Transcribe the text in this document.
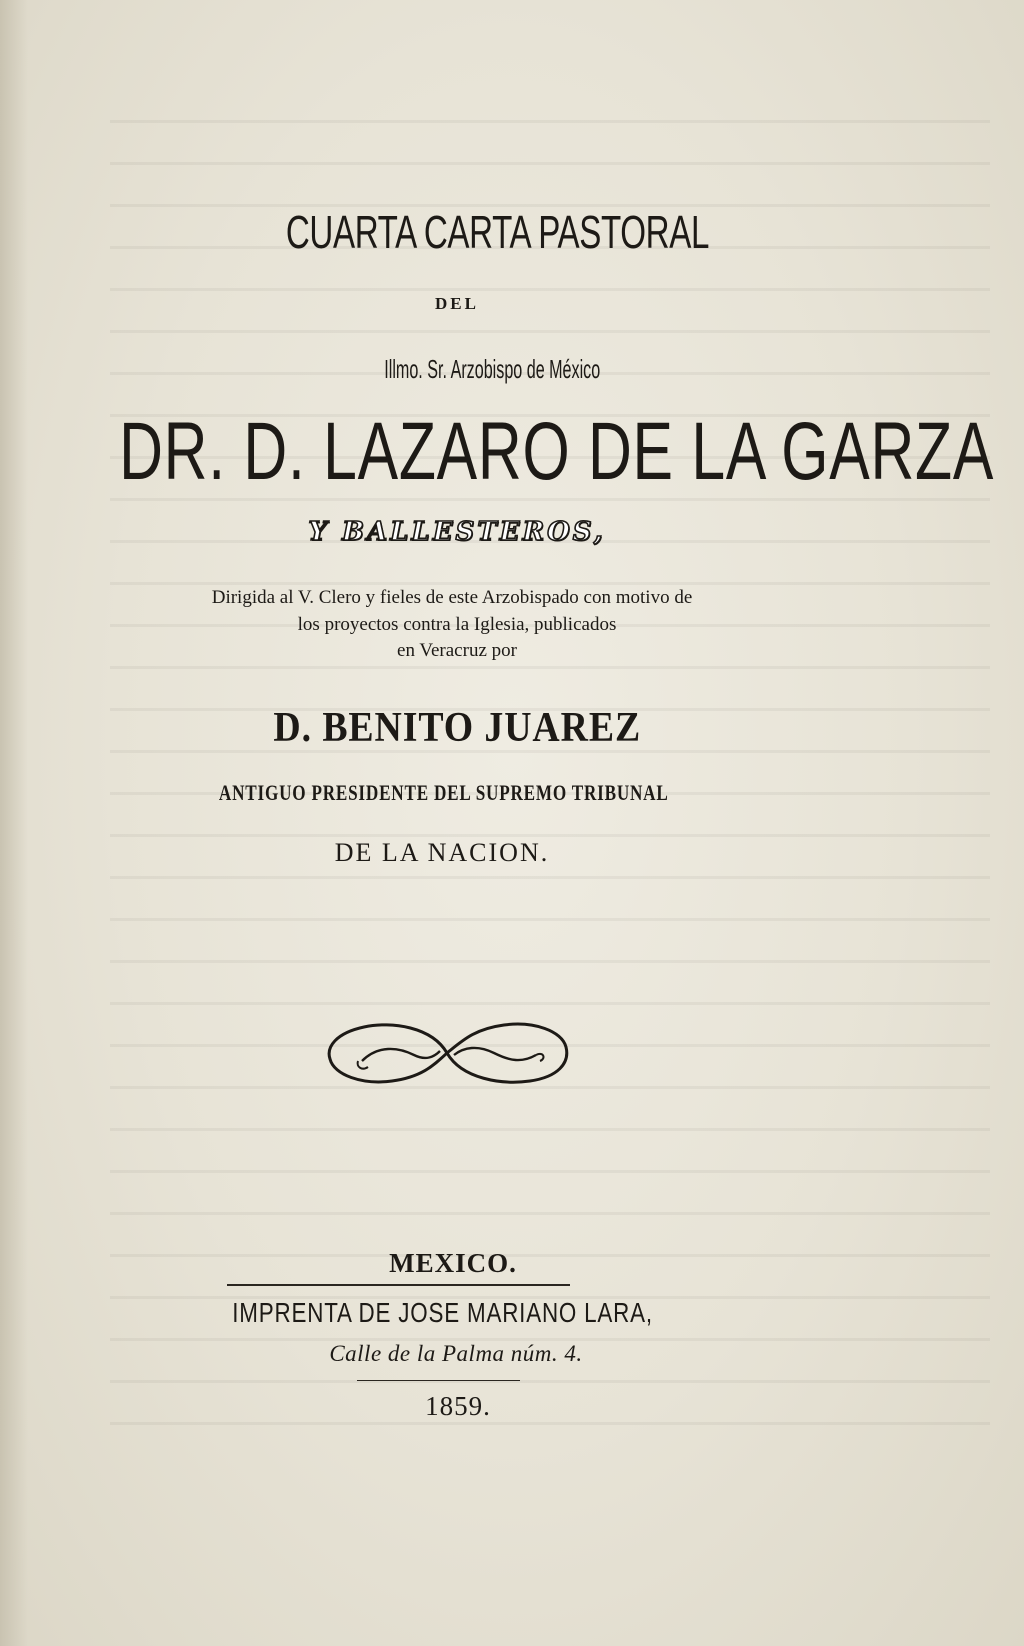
CUARTA CARTA PASTORAL
DEL
Illmo. Sr. Arzobispo de México
DR. D. LAZARO DE LA GARZA
Y BALLESTEROS,
Dirigida al V. Clero y fieles de este Arzobispado con motivo de
los proyectos contra la Iglesia, publicados
en Veracruz por
D. BENITO JUAREZ
ANTIGUO PRESIDENTE DEL SUPREMO TRIBUNAL
DE LA NACION.
MEXICO.
IMPRENTA DE JOSE MARIANO LARA,
Calle de la Palma núm. 4.
1859.
